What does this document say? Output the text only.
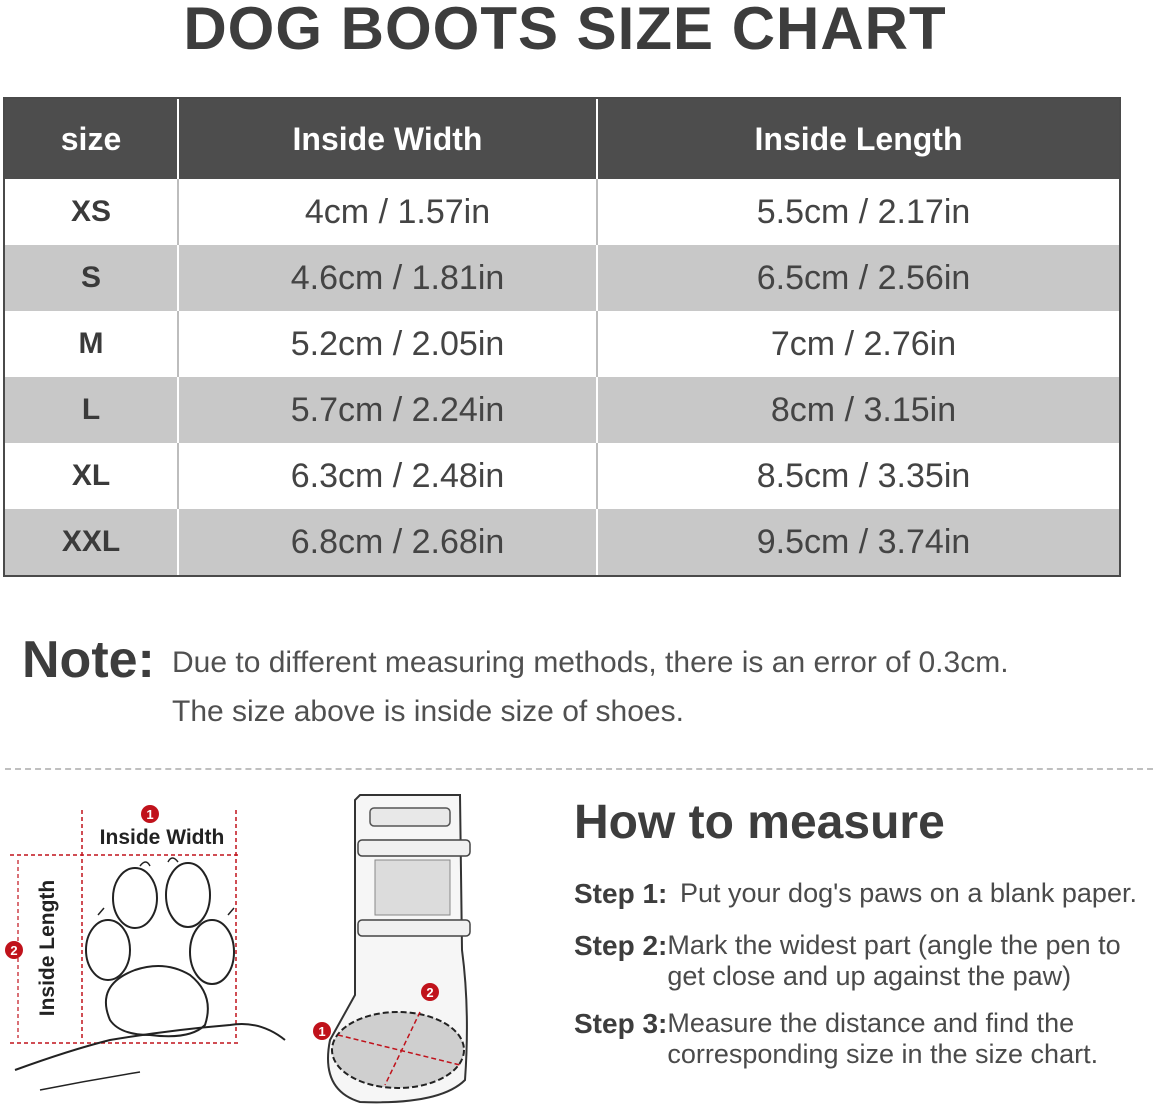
DOG BOOTS SIZE CHART
size	Inside Width	Inside Length
XS	4cm / 1.57in	5.5cm / 2.17in
S	4.6cm / 1.81in	6.5cm / 2.56in
M	5.2cm / 2.05in	7cm / 2.76in
L	5.7cm / 2.24in	8cm / 3.15in
XL	6.3cm / 2.48in	8.5cm / 3.35in
XXL	6.8cm / 2.68in	9.5cm / 3.74in
Note: Due to different measuring methods, there is an error of 0.3cm.
The size above is inside size of shoes.
1
Inside Width
2 Inside Length
1
2
How to measure
Step 1: Put your dog's paws on a blank paper.
Step 2: Mark the widest part (angle the pen to get close and up against the paw)
Step 3: Measure the distance and find the corresponding size in the size chart.
